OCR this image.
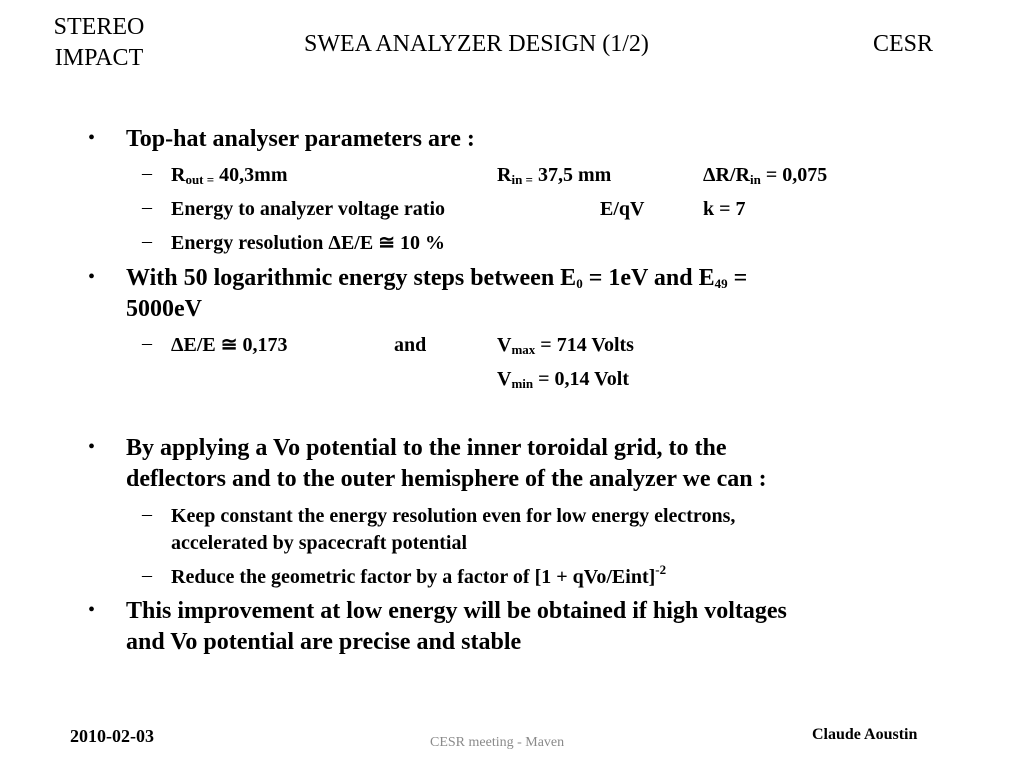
STEREO
IMPACT
SWEA ANALYZER DESIGN (1/2)	CESR
• Top-hat analyser parameters are :
– $R_{out =}$ 40,3mm	$R_{in =}$ 37,5 mm	$\Delta R/R_{in} = 0,075$
– Energy to analyzer voltage ratio	E/qV	k = 7
– Energy resolution ΔE/E ≅ 10 %
• With 50 logarithmic energy steps between $E_0 = 1eV$ and $E_{49}$ =
5000eV
– ΔE/E ≅ 0,173	and	$V_{max} = 714$ Volts
$V_{min} = 0,14$ Volt
• By applying a Vo potential to the inner toroidal grid, to the
deflectors and to the outer hemisphere of the analyzer we can :
– Keep constant the energy resolution even for low energy electrons,
accelerated by spacecraft potential
– Reduce the geometric factor by a factor of [1 + qVo/Eint]$^{-2}$
• This improvement at low energy will be obtained if high voltages
and Vo potential are precise and stable
2010-02-03	CESR meeting - Maven	Claude Aoustin
